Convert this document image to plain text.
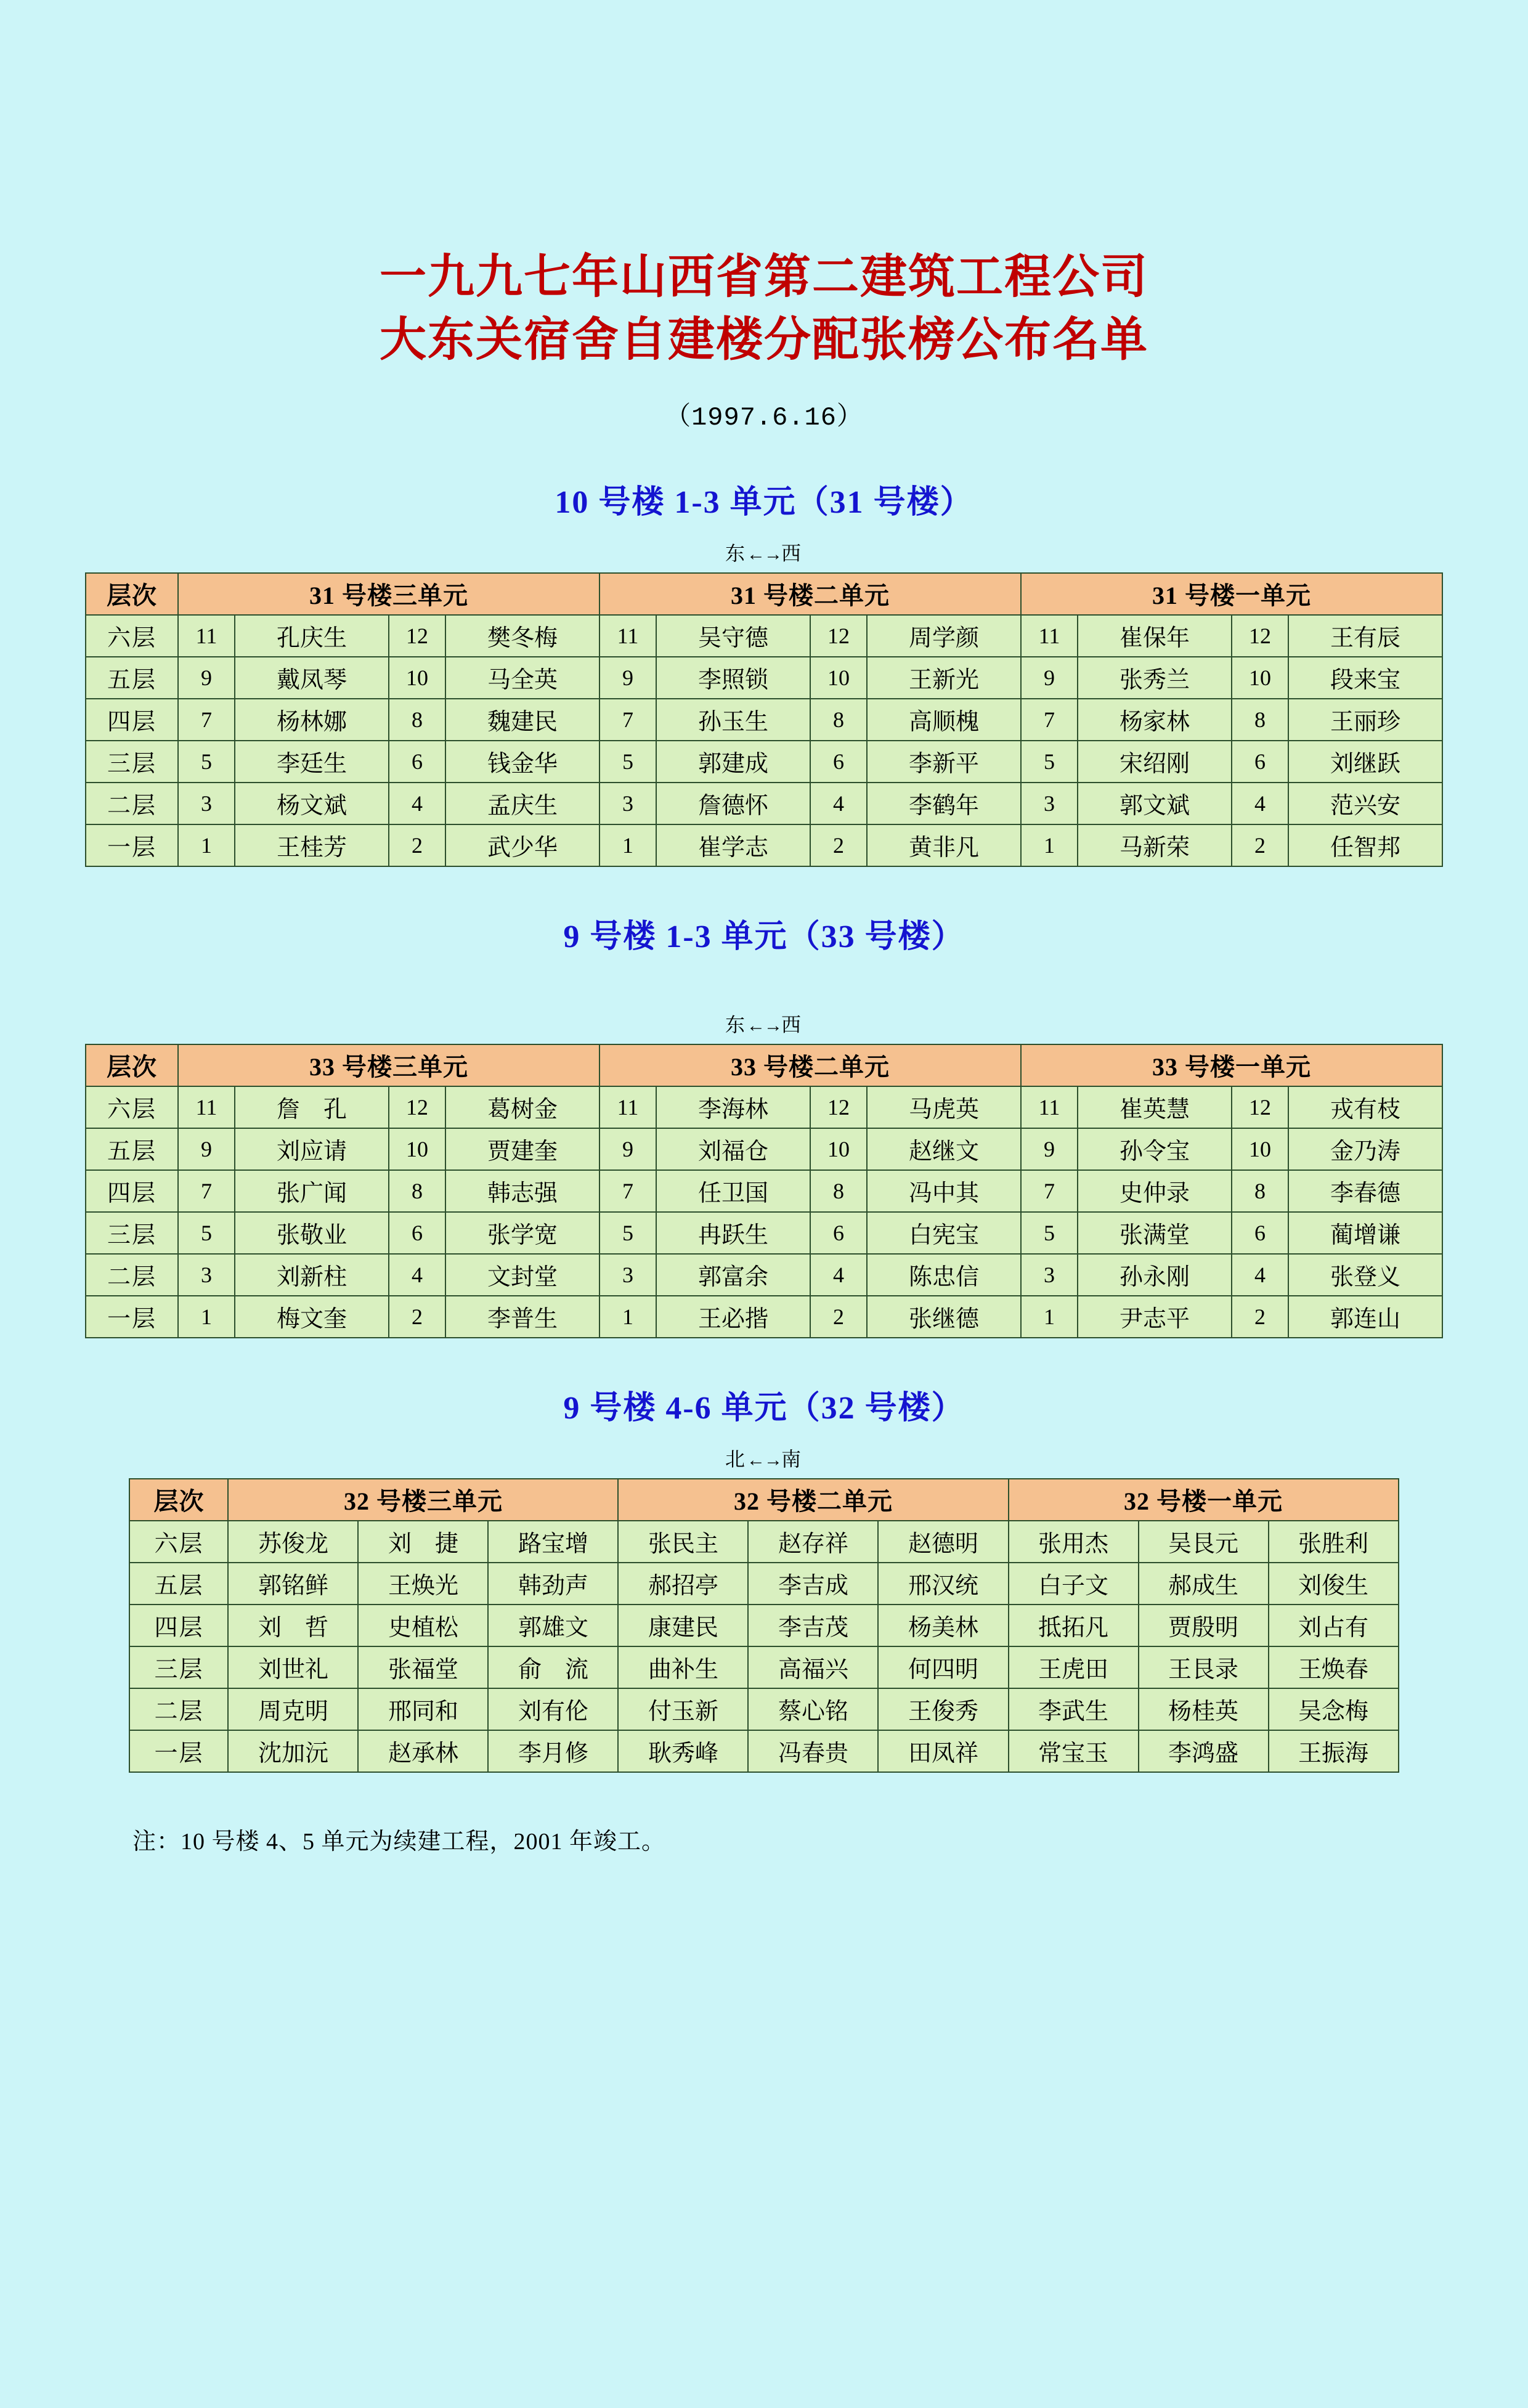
一九九七年山西省第二建筑工程公司
大东关宿舍自建楼分配张榜公布名单
（1997.6.16）
10 号楼 1-3 单元（31 号楼）
东←→西
层次	31 号楼三单元				31 号楼二单元				31 号楼一单元			
六层	11	孔庆生	12	樊冬梅	11	吴守德	12	周学颜	11	崔保年	12	王有辰
五层	9	戴凤琴	10	马全英	9	李照锁	10	王新光	9	张秀兰	10	段来宝
四层	7	杨林娜	8	魏建民	7	孙玉生	8	高顺槐	7	杨家林	8	王丽珍
三层	5	李廷生	6	钱金华	5	郭建成	6	李新平	5	宋绍刚	6	刘继跃
二层	3	杨文斌	4	孟庆生	3	詹德怀	4	李鹤年	3	郭文斌	4	范兴安
一层	1	王桂芳	2	武少华	1	崔学志	2	黄非凡	1	马新荣	2	任智邦
9 号楼 1-3 单元（33 号楼）
东←→西
层次	33 号楼三单元				33 号楼二单元				33 号楼一单元			
六层	11	詹　孔	12	葛树金	11	李海林	12	马虎英	11	崔英慧	12	戎有枝
五层	9	刘应请	10	贾建奎	9	刘福仓	10	赵继文	9	孙令宝	10	金乃涛
四层	7	张广闻	8	韩志强	7	任卫国	8	冯中其	7	史仲录	8	李春德
三层	5	张敬业	6	张学宽	5	冉跃生	6	白宪宝	5	张满堂	6	蔺增谦
二层	3	刘新柱	4	文封堂	3	郭富余	4	陈忠信	3	孙永刚	4	张登义
一层	1	梅文奎	2	李普生	1	王必揩	2	张继德	1	尹志平	2	郭连山
9 号楼 4-6 单元（32 号楼）
北←→南
层次	32 号楼三单元			32 号楼二单元			32 号楼一单元		
六层	苏俊龙	刘　捷	路宝增	张民主	赵存祥	赵德明	张用杰	吴艮元	张胜利
五层	郭铭鲜	王焕光	韩劲声	郝招亭	李吉成	邢汉统	白子文	郝成生	刘俊生
四层	刘　哲	史植松	郭雄文	康建民	李吉茂	杨美林	抵拓凡	贾殷明	刘占有
三层	刘世礼	张福堂	俞　流	曲补生	高福兴	何四明	王虎田	王艮录	王焕春
二层	周克明	邢同和	刘有伦	付玉新	蔡心铭	王俊秀	李武生	杨桂英	吴念梅
一层	沈加沅	赵承林	李月修	耿秀峰	冯春贵	田凤祥	常宝玉	李鸿盛	王振海
注：10 号楼 4、5 单元为续建工程，2001 年竣工。
